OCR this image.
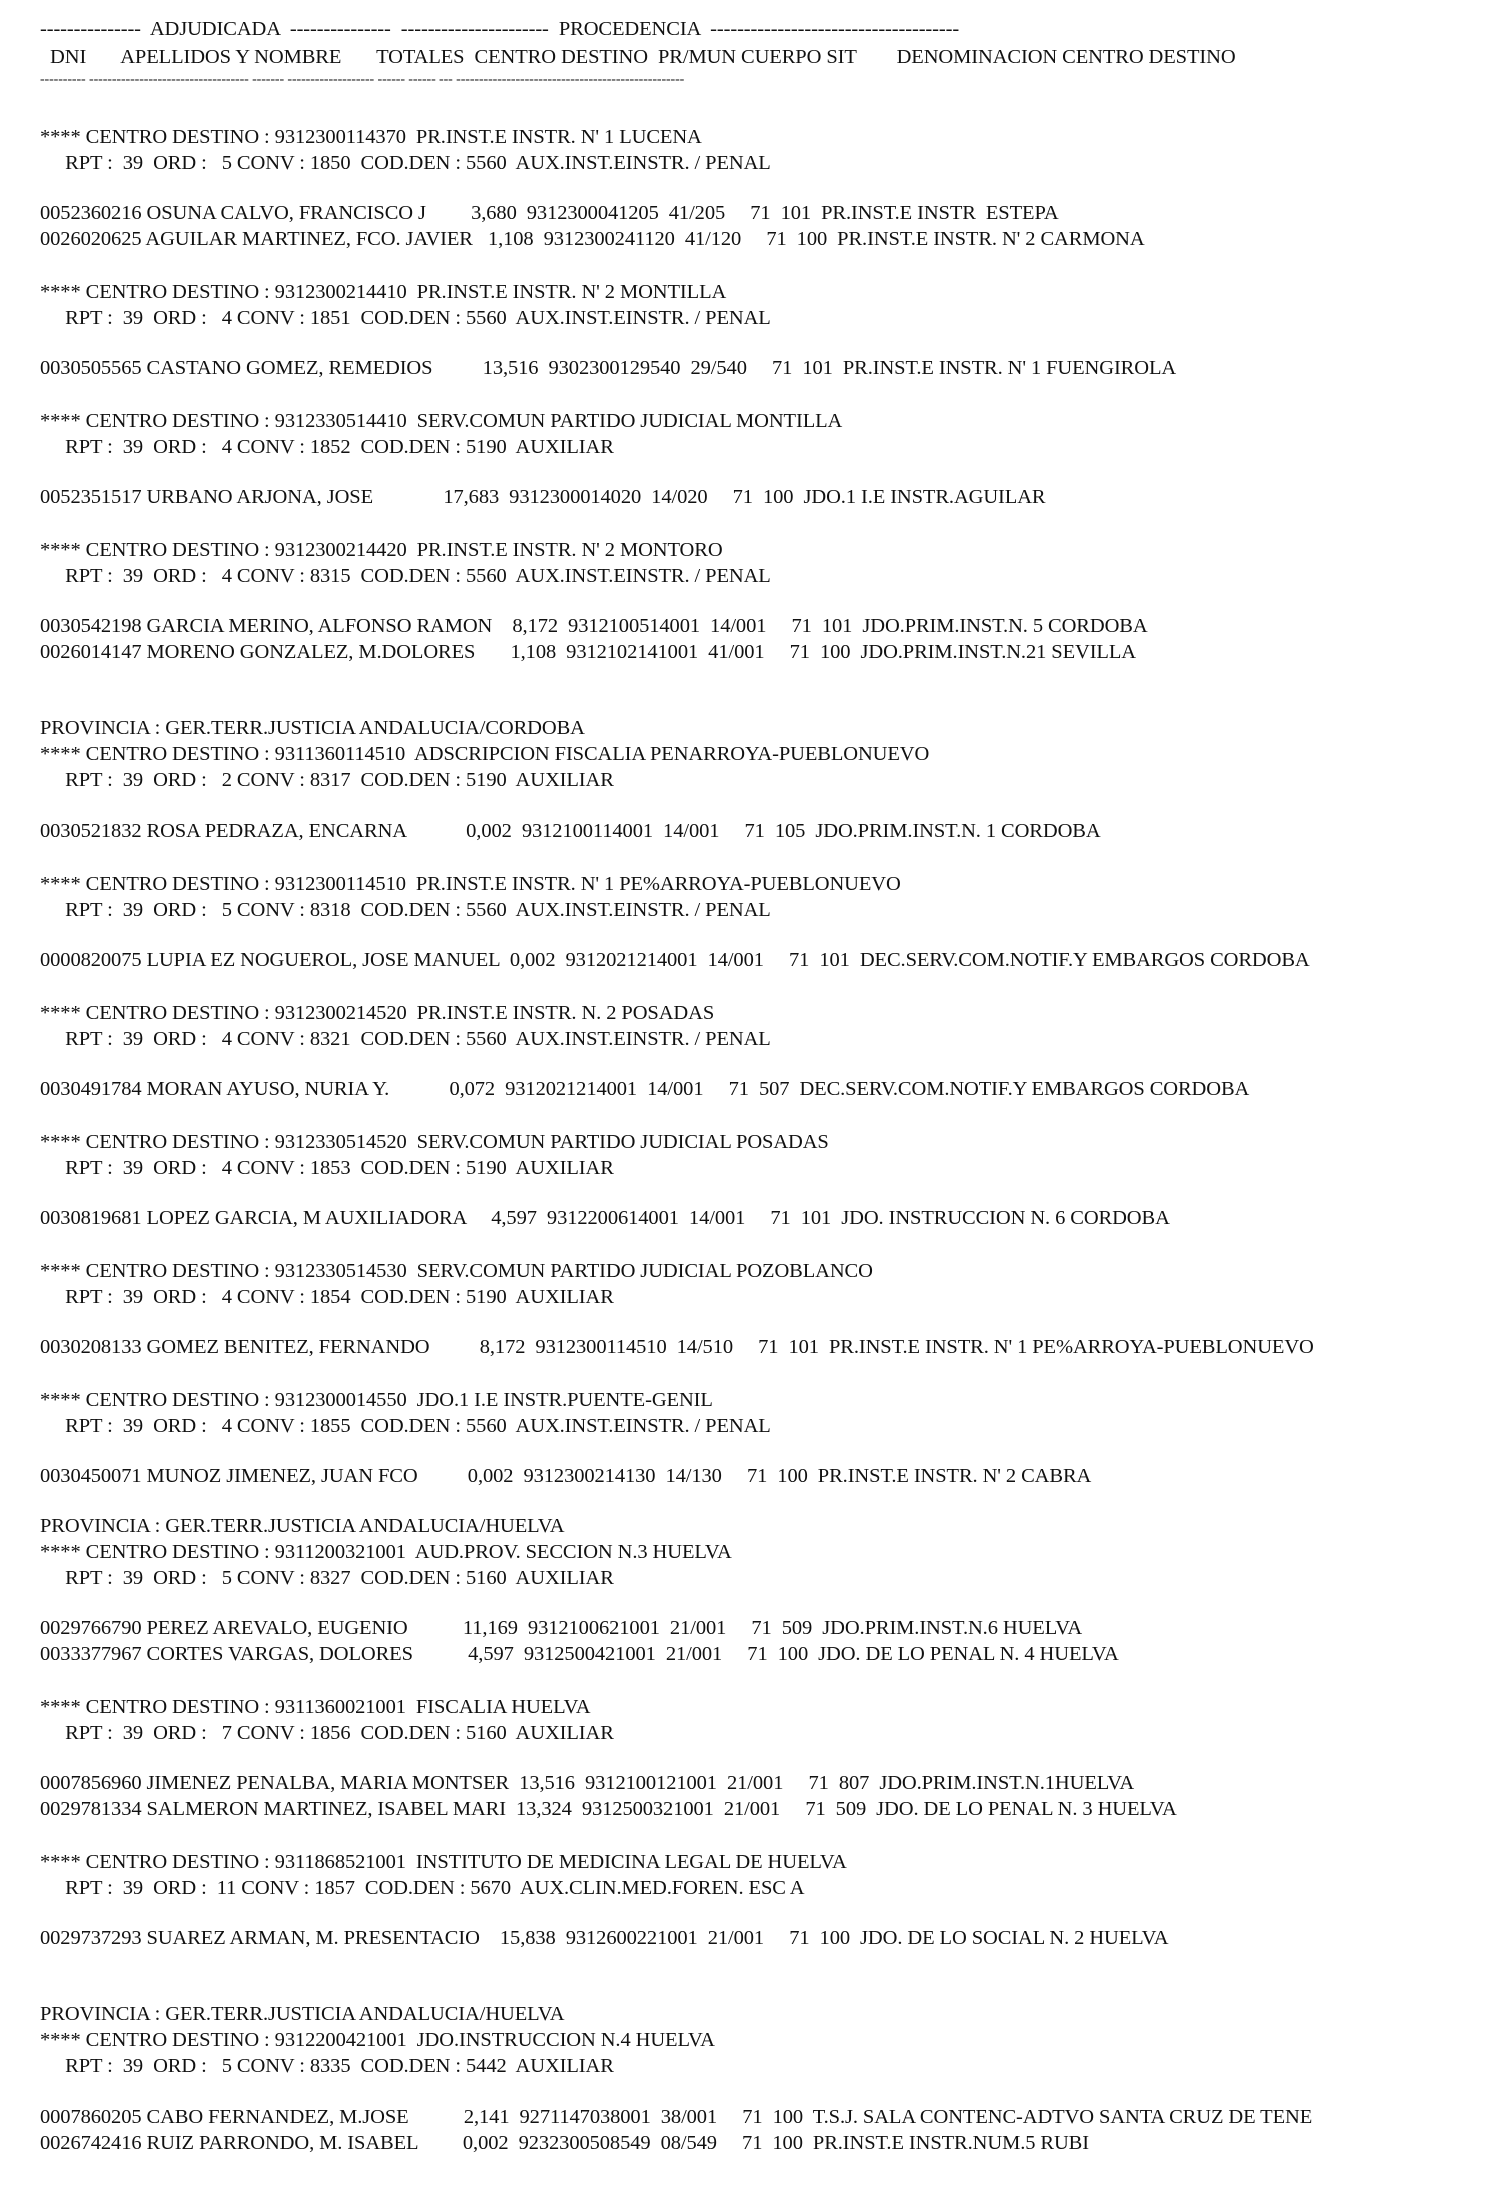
---------------  ADJUDICADA  ---------------  ----------------------  PROCEDENCIA  -------------------------------------
DNI       APELLIDOS Y NOMBRE       TOTALES  CENTRO DESTINO  PR/MUN CUERPO SIT        DENOMINACION CENTRO DESTINO
---------- ----------------------------------- ------- ------------------- ------ ------ --- --------------------------------------------------
**** CENTRO DESTINO : 9312300114370  PR.INST.E INSTR. N' 1 LUCENA
RPT :  39  ORD :   5 CONV : 1850  COD.DEN : 5560  AUX.INST.EINSTR. / PENAL
0052360216 OSUNA CALVO, FRANCISCO J         3,680  9312300041205  41/205     71  101  PR.INST.E INSTR  ESTEPA
0026020625 AGUILAR MARTINEZ, FCO. JAVIER   1,108  9312300241120  41/120     71  100  PR.INST.E INSTR. N' 2 CARMONA
**** CENTRO DESTINO : 9312300214410  PR.INST.E INSTR. N' 2 MONTILLA
RPT :  39  ORD :   4 CONV : 1851  COD.DEN : 5560  AUX.INST.EINSTR. / PENAL
0030505565 CASTANO GOMEZ, REMEDIOS          13,516  9302300129540  29/540     71  101  PR.INST.E INSTR. N' 1 FUENGIROLA
**** CENTRO DESTINO : 9312330514410  SERV.COMUN PARTIDO JUDICIAL MONTILLA
RPT :  39  ORD :   4 CONV : 1852  COD.DEN : 5190  AUXILIAR
0052351517 URBANO ARJONA, JOSE              17,683  9312300014020  14/020     71  100  JDO.1 I.E INSTR.AGUILAR
**** CENTRO DESTINO : 9312300214420  PR.INST.E INSTR. N' 2 MONTORO
RPT :  39  ORD :   4 CONV : 8315  COD.DEN : 5560  AUX.INST.EINSTR. / PENAL
0030542198 GARCIA MERINO, ALFONSO RAMON    8,172  9312100514001  14/001     71  101  JDO.PRIM.INST.N. 5 CORDOBA
0026014147 MORENO GONZALEZ, M.DOLORES       1,108  9312102141001  41/001     71  100  JDO.PRIM.INST.N.21 SEVILLA
PROVINCIA : GER.TERR.JUSTICIA ANDALUCIA/CORDOBA
**** CENTRO DESTINO : 9311360114510  ADSCRIPCION FISCALIA PENARROYA-PUEBLONUEVO
RPT :  39  ORD :   2 CONV : 8317  COD.DEN : 5190  AUXILIAR
0030521832 ROSA PEDRAZA, ENCARNA            0,002  9312100114001  14/001     71  105  JDO.PRIM.INST.N. 1 CORDOBA
**** CENTRO DESTINO : 9312300114510  PR.INST.E INSTR. N' 1 PE%ARROYA-PUEBLONUEVO
RPT :  39  ORD :   5 CONV : 8318  COD.DEN : 5560  AUX.INST.EINSTR. / PENAL
0000820075 LUPIA EZ NOGUEROL, JOSE MANUEL  0,002  9312021214001  14/001     71  101  DEC.SERV.COM.NOTIF.Y EMBARGOS CORDOBA
**** CENTRO DESTINO : 9312300214520  PR.INST.E INSTR. N. 2 POSADAS
RPT :  39  ORD :   4 CONV : 8321  COD.DEN : 5560  AUX.INST.EINSTR. / PENAL
0030491784 MORAN AYUSO, NURIA Y.            0,072  9312021214001  14/001     71  507  DEC.SERV.COM.NOTIF.Y EMBARGOS CORDOBA
**** CENTRO DESTINO : 9312330514520  SERV.COMUN PARTIDO JUDICIAL POSADAS
RPT :  39  ORD :   4 CONV : 1853  COD.DEN : 5190  AUXILIAR
0030819681 LOPEZ GARCIA, M AUXILIADORA     4,597  9312200614001  14/001     71  101  JDO. INSTRUCCION N. 6 CORDOBA
**** CENTRO DESTINO : 9312330514530  SERV.COMUN PARTIDO JUDICIAL POZOBLANCO
RPT :  39  ORD :   4 CONV : 1854  COD.DEN : 5190  AUXILIAR
0030208133 GOMEZ BENITEZ, FERNANDO          8,172  9312300114510  14/510     71  101  PR.INST.E INSTR. N' 1 PE%ARROYA-PUEBLONUEVO
**** CENTRO DESTINO : 9312300014550  JDO.1 I.E INSTR.PUENTE-GENIL
RPT :  39  ORD :   4 CONV : 1855  COD.DEN : 5560  AUX.INST.EINSTR. / PENAL
0030450071 MUNOZ JIMENEZ, JUAN FCO          0,002  9312300214130  14/130     71  100  PR.INST.E INSTR. N' 2 CABRA
PROVINCIA : GER.TERR.JUSTICIA ANDALUCIA/HUELVA
**** CENTRO DESTINO : 9311200321001  AUD.PROV. SECCION N.3 HUELVA
RPT :  39  ORD :   5 CONV : 8327  COD.DEN : 5160  AUXILIAR
0029766790 PEREZ AREVALO, EUGENIO           11,169  9312100621001  21/001     71  509  JDO.PRIM.INST.N.6 HUELVA
0033377967 CORTES VARGAS, DOLORES           4,597  9312500421001  21/001     71  100  JDO. DE LO PENAL N. 4 HUELVA
**** CENTRO DESTINO : 9311360021001  FISCALIA HUELVA
RPT :  39  ORD :   7 CONV : 1856  COD.DEN : 5160  AUXILIAR
0007856960 JIMENEZ PENALBA, MARIA MONTSER  13,516  9312100121001  21/001     71  807  JDO.PRIM.INST.N.1HUELVA
0029781334 SALMERON MARTINEZ, ISABEL MARI  13,324  9312500321001  21/001     71  509  JDO. DE LO PENAL N. 3 HUELVA
**** CENTRO DESTINO : 9311868521001  INSTITUTO DE MEDICINA LEGAL DE HUELVA
RPT :  39  ORD :  11 CONV : 1857  COD.DEN : 5670  AUX.CLIN.MED.FOREN. ESC A
0029737293 SUAREZ ARMAN, M. PRESENTACIO    15,838  9312600221001  21/001     71  100  JDO. DE LO SOCIAL N. 2 HUELVA
PROVINCIA : GER.TERR.JUSTICIA ANDALUCIA/HUELVA
**** CENTRO DESTINO : 9312200421001  JDO.INSTRUCCION N.4 HUELVA
RPT :  39  ORD :   5 CONV : 8335  COD.DEN : 5442  AUXILIAR
0007860205 CABO FERNANDEZ, M.JOSE           2,141  9271147038001  38/001     71  100  T.S.J. SALA CONTENC-ADTVO SANTA CRUZ DE TENE
0026742416 RUIZ PARRONDO, M. ISABEL         0,002  9232300508549  08/549     71  100  PR.INST.E INSTR.NUM.5 RUBI
